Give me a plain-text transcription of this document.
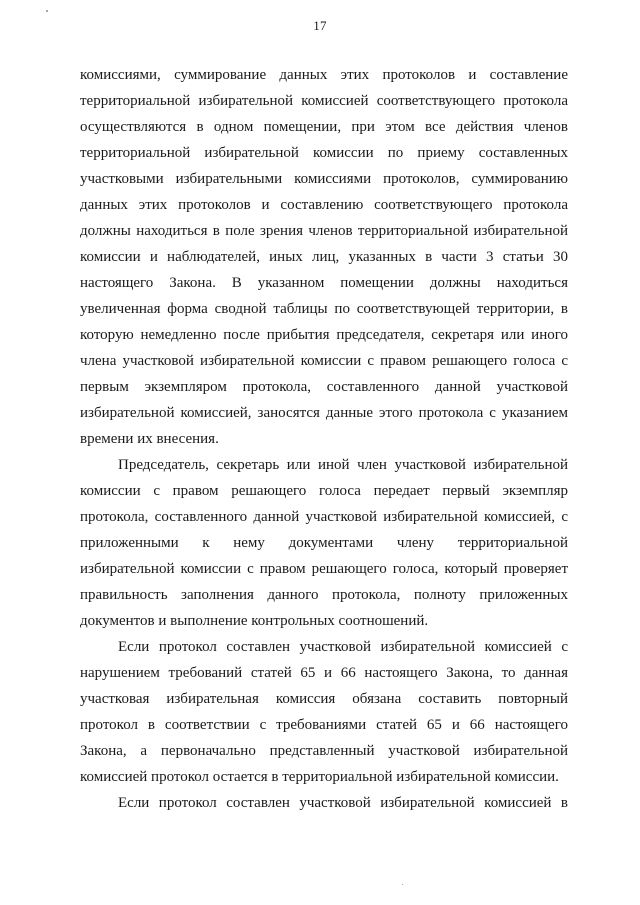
17
комиссиями, суммирование данных этих протоколов и составление
территориальной избирательной комиссией соответствующего протокола
осуществляются в одном помещении, при этом все действия членов
территориальной избирательной комиссии по приему составленных
участковыми избирательными комиссиями протоколов, суммированию
данных этих протоколов и составлению соответствующего протокола
должны находиться в поле зрения членов территориальной избирательной
комиссии и наблюдателей, иных лиц, указанных в части 3 статьи 30
настоящего Закона. В указанном помещении должны находиться
увеличенная форма сводной таблицы по соответствующей территории, в
которую немедленно после прибытия председателя, секретаря или иного
члена участковой избирательной комиссии с правом решающего голоса с
первым экземпляром протокола, составленного данной участковой
избирательной комиссией, заносятся данные этого протокола с указанием
времени их внесения.
Председатель, секретарь или иной член участковой избирательной
комиссии с правом решающего голоса передает первый экземпляр
протокола, составленного данной участковой избирательной комиссией, с
приложенными к нему документами члену территориальной
избирательной комиссии с правом решающего голоса, который проверяет
правильность заполнения данного протокола, полноту приложенных
документов и выполнение контрольных соотношений.
Если протокол составлен участковой избирательной комиссией с
нарушением требований статей 65 и 66 настоящего Закона, то данная
участковая избирательная комиссия обязана составить повторный
протокол в соответствии с требованиями статей 65 и 66 настоящего
Закона, а первоначально представленный участковой избирательной
комиссией протокол остается в территориальной избирательной комиссии.
Если протокол составлен участковой избирательной комиссией в
